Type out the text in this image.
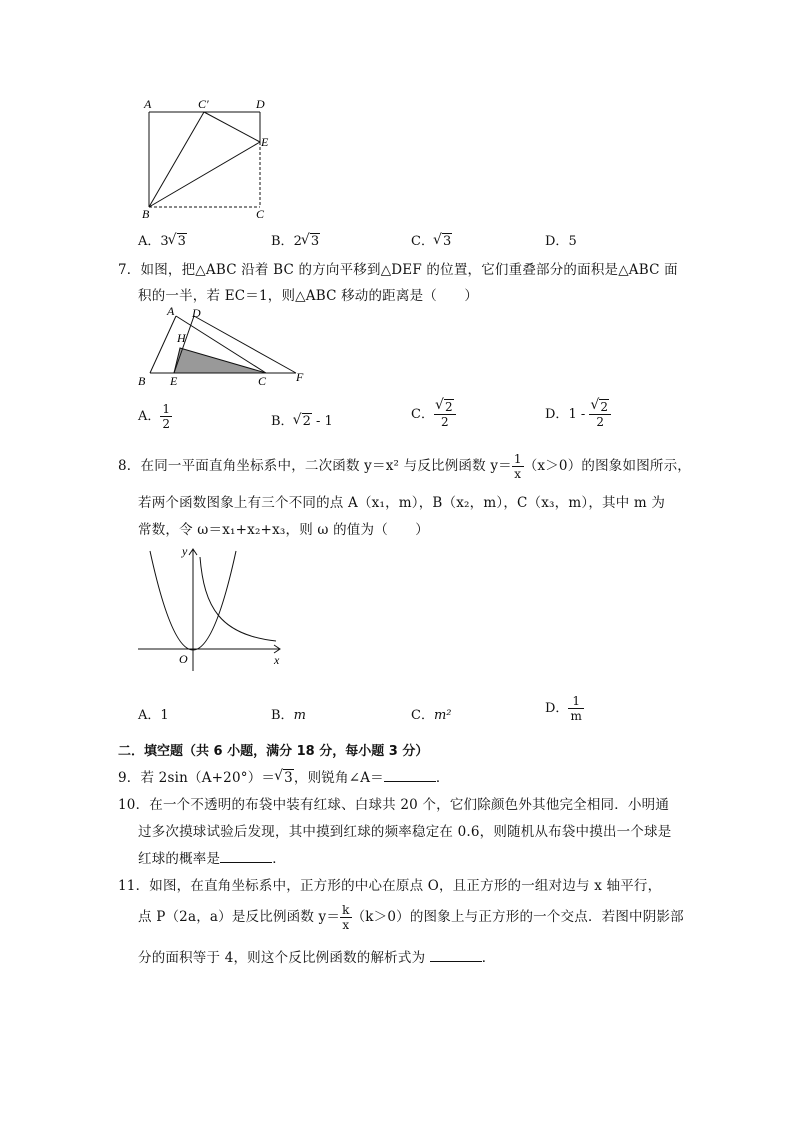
A	C′	D
E
B	C
A．3 √ 3	B．2 √ 3	C． √ 3	D．5
7．如图，把△ABC 沿着 BC 的方向平移到△DEF 的位置，它们重叠部分的面积是△ABC 面
积的一半，若 EC＝1，则△ABC 移动的距离是（　　）
A D
H
B E	C F
A． $\frac{1}{2}$	B． √ 2 - 1	C． √ $\frac{2}{2}$	D．1 - √ $\frac{2}{2}$
8．在同一平面直角坐标系中，二次函数 y＝x² 与反比例函数 $y= \frac{1}{x} (x>0)$的图象如图所示，
若两个函数图象上有三个不同的点 A（x₁，m），B（x₂，m），C（x₃，m），其中 m 为
常数，令 ω＝x₁+x₂+x₃，则 ω 的值为（　　）
y
x
O
A．1	B．m	C．m²	D． $\frac{1}{m}$
二．填空题（共 6 小题，满分 18 分，每小题 3 分）
9．若 2sin（A+20°）＝ √ 3，则锐角∠A＝	．
10．在一个不透明的布袋中装有红球、白球共 20 个，它们除颜色外其他完全相同．小明通
过多次摸球试验后发现，其中摸到红球的频率稳定在 0.6，则随机从布袋中摸出一个球是
红球的概率是	．
11．如图，在直角坐标系中，正方形的中心在原点 O，且正方形的一组对边与 x 轴平行，
点 P（2a，a）是反比例函数 $y= \frac{k}{x} (k>0)$的图象上与正方形的一个交点．若图中阴影部
分的面积等于 4，则这个反比例函数的解析式为	．
